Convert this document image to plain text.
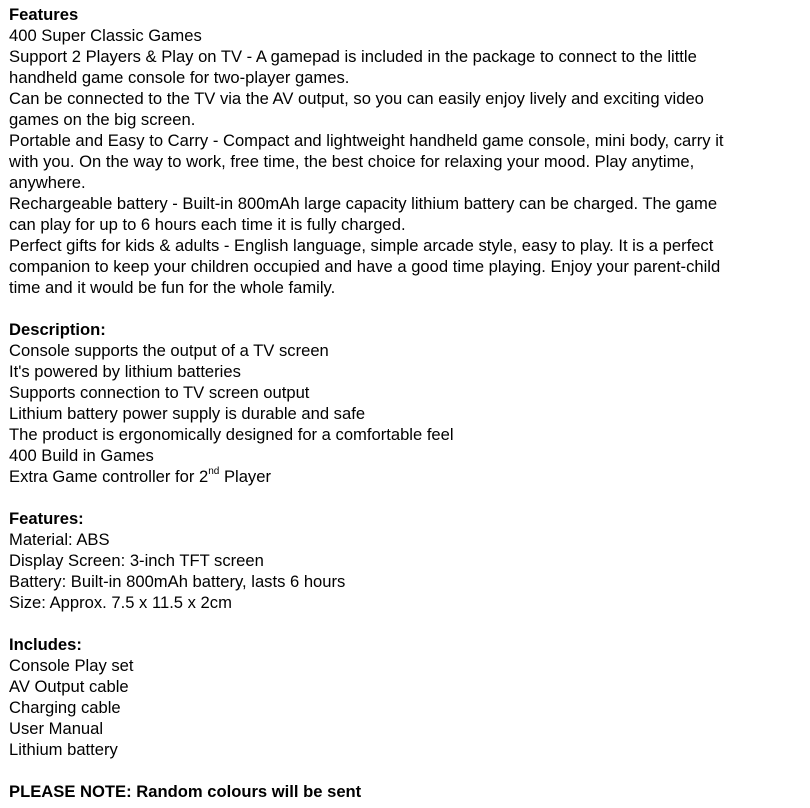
Features
400 Super Classic Games
Support 2 Players & Play on TV - A gamepad is included in the package to connect to the little
handheld game console for two-player games.
Can be connected to the TV via the AV output, so you can easily enjoy lively and exciting video
games on the big screen.
Portable and Easy to Carry - Compact and lightweight handheld game console, mini body, carry it
with you. On the way to work, free time, the best choice for relaxing your mood. Play anytime,
anywhere.
Rechargeable battery - Built-in 800mAh large capacity lithium battery can be charged. The game
can play for up to 6 hours each time it is fully charged.
Perfect gifts for kids & adults - English language, simple arcade style, easy to play. It is a perfect
companion to keep your children occupied and have a good time playing. Enjoy your parent-child
time and it would be fun for the whole family.
Description:
Console supports the output of a TV screen
It's powered by lithium batteries
Supports connection to TV screen output
Lithium battery power supply is durable and safe
The product is ergonomically designed for a comfortable feel
400 Build in Games
Extra Game controller for 2nd Player
Features:
Material: ABS
Display Screen: 3-inch TFT screen
Battery: Built-in 800mAh battery, lasts 6 hours
Size: Approx. 7.5 x 11.5 x 2cm
Includes:
Console Play set
AV Output cable
Charging cable
User Manual
Lithium battery
PLEASE NOTE: Random colours will be sent
